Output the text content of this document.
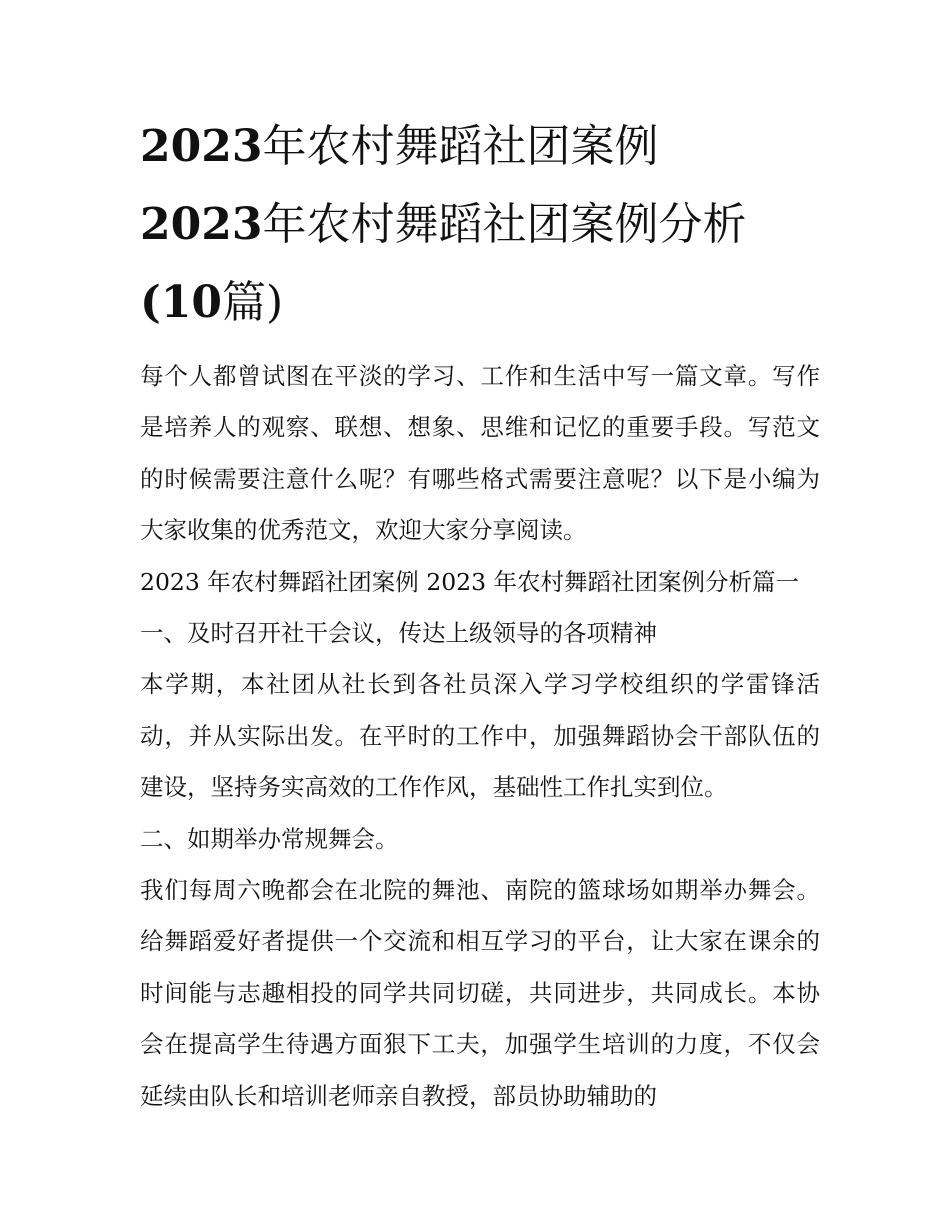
2023年农村舞蹈社团案例
2023年农村舞蹈社团案例分析
(10篇)

每个人都曾试图在平淡的学习、工作和生活中写一篇文章。写作是培养人的观察、联想、想象、思维和记忆的重要手段。写范文的时候需要注意什么呢？有哪些格式需要注意呢？以下是小编为大家收集的优秀范文，欢迎大家分享阅读。

2023 年农村舞蹈社团案例 2023 年农村舞蹈社团案例分析篇一

一、及时召开社干会议，传达上级领导的各项精神

本学期，本社团从社长到各社员深入学习学校组织的学雷锋活动，并从实际出发。在平时的工作中，加强舞蹈协会干部队伍的建设，坚持务实高效的工作作风，基础性工作扎实到位。

二、如期举办常规舞会。

我们每周六晚都会在北院的舞池、南院的篮球场如期举办舞会。给舞蹈爱好者提供一个交流和相互学习的平台，让大家在课余的时间能与志趣相投的同学共同切磋，共同进步，共同成长。本协会在提高学生待遇方面狠下工夫，加强学生培训的力度，不仅会延续由队长和培训老师亲自教授，部员协助辅助的
